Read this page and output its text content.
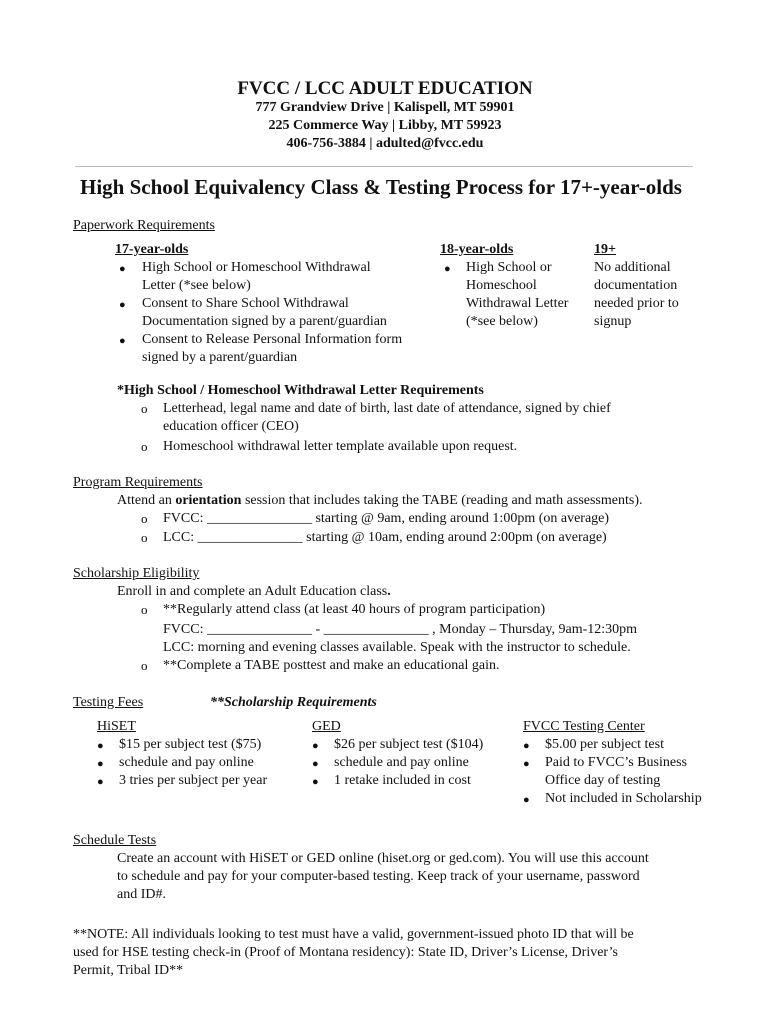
FVCC / LCC ADULT EDUCATION
777 Grandview Drive | Kalispell, MT 59901
225 Commerce Way | Libby, MT 59923
406-756-3884 | adulted@fvcc.edu
High School Equivalency Class & Testing Process for 17+-year-olds
Paperwork Requirements
17-year-olds
● High School or Homeschool Withdrawal
Letter (*see below)
● Consent to Share School Withdrawal
Documentation signed by a parent/guardian
● Consent to Release Personal Information form
signed by a parent/guardian
18-year-olds
● High School or
Homeschool
Withdrawal Letter
(*see below)
19+
No additional
documentation
needed prior to
signup
*High School / Homeschool Withdrawal Letter Requirements
o Letterhead, legal name and date of birth, last date of attendance, signed by chief
education officer (CEO)
o Homeschool withdrawal letter template available upon request.
Program Requirements
Attend an orientation session that includes taking the TABE (reading and math assessments).
o FVCC: _______________ starting @ 9am, ending around 1:00pm (on average)
o LCC: _______________ starting @ 10am, ending around 2:00pm (on average)
Scholarship Eligibility
Enroll in and complete an Adult Education class.
o **Regularly attend class (at least 40 hours of program participation)
FVCC: _______________ - _______________ , Monday – Thursday, 9am-12:30pm
LCC: morning and evening classes available. Speak with the instructor to schedule.
o **Complete a TABE posttest and make an educational gain.
Testing Fees	**Scholarship Requirements
HiSET
● $15 per subject test ($75)
● schedule and pay online
● 3 tries per subject per year
GED
● $26 per subject test ($104)
● schedule and pay online
● 1 retake included in cost
FVCC Testing Center
● $5.00 per subject test
● Paid to FVCC’s Business
Office day of testing
● Not included in Scholarship
Schedule Tests
Create an account with HiSET or GED online (hiset.org or ged.com). You will use this account
to schedule and pay for your computer-based testing. Keep track of your username, password
and ID#.
**NOTE: All individuals looking to test must have a valid, government-issued photo ID that will be
used for HSE testing check-in (Proof of Montana residency): State ID, Driver’s License, Driver’s
Permit, Tribal ID**
